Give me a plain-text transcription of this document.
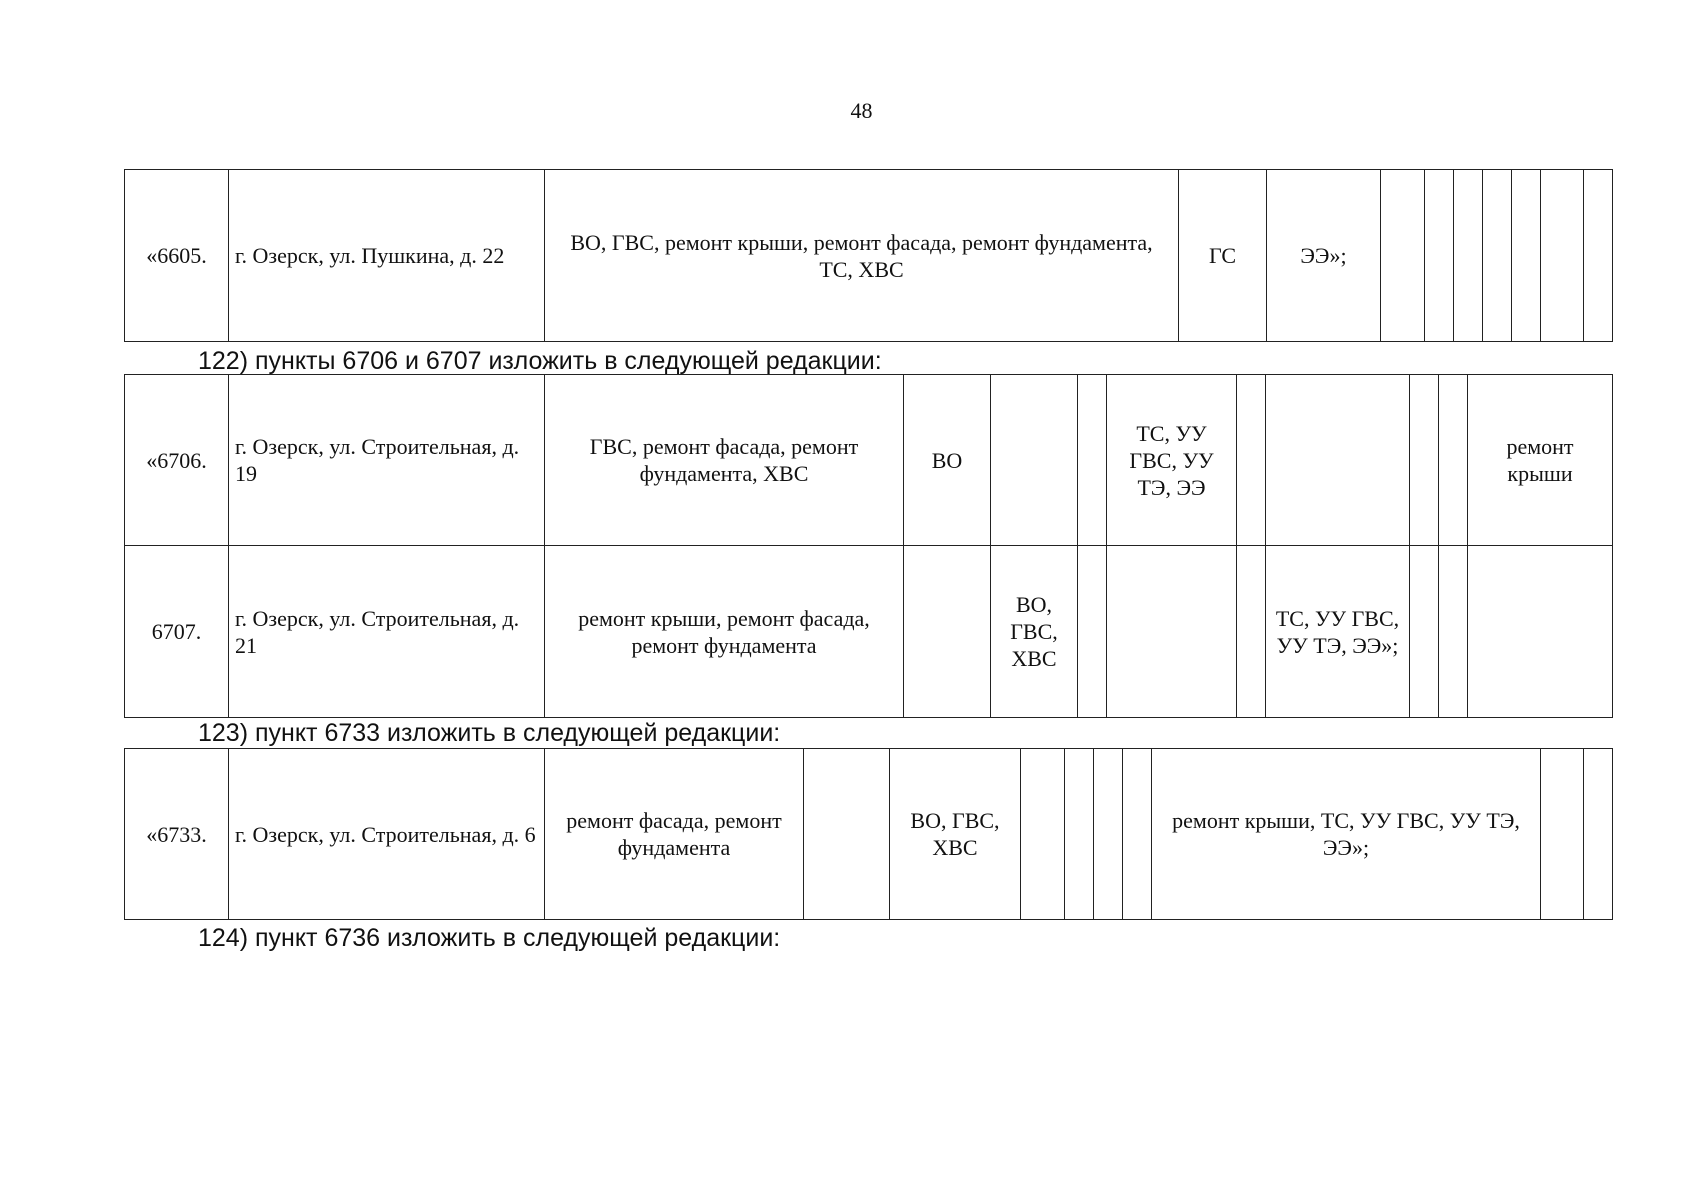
48
«6605.	г. Озерск, ул. Пушкина, д. 22	ВО, ГВС, ремонт крыши, ремонт фасада, ремонт фундамента, ТС, ХВС	ГС	ЭЭ»;							
122) пункты 6706 и 6707 изложить в следующей редакции:
«6706.	г. Озерск, ул. Строительная, д. 19	ГВС, ремонт фасада, ремонт фундамента, ХВС	ВО			ТС, УУ ГВС, УУ ТЭ, ЭЭ					ремонт крыши
6707.	г. Озерск, ул. Строительная, д. 21	ремонт крыши, ремонт фасада, ремонт фундамента		ВО, ГВС, ХВС				ТС, УУ ГВС, УУ ТЭ, ЭЭ»;			
123) пункт 6733 изложить в следующей редакции:
«6733.	г. Озерск, ул. Строительная, д. 6	ремонт фасада, ремонт фундамента		ВО, ГВС, ХВС					ремонт крыши, ТС, УУ ГВС, УУ ТЭ, ЭЭ»;		
124) пункт 6736 изложить в следующей редакции:
